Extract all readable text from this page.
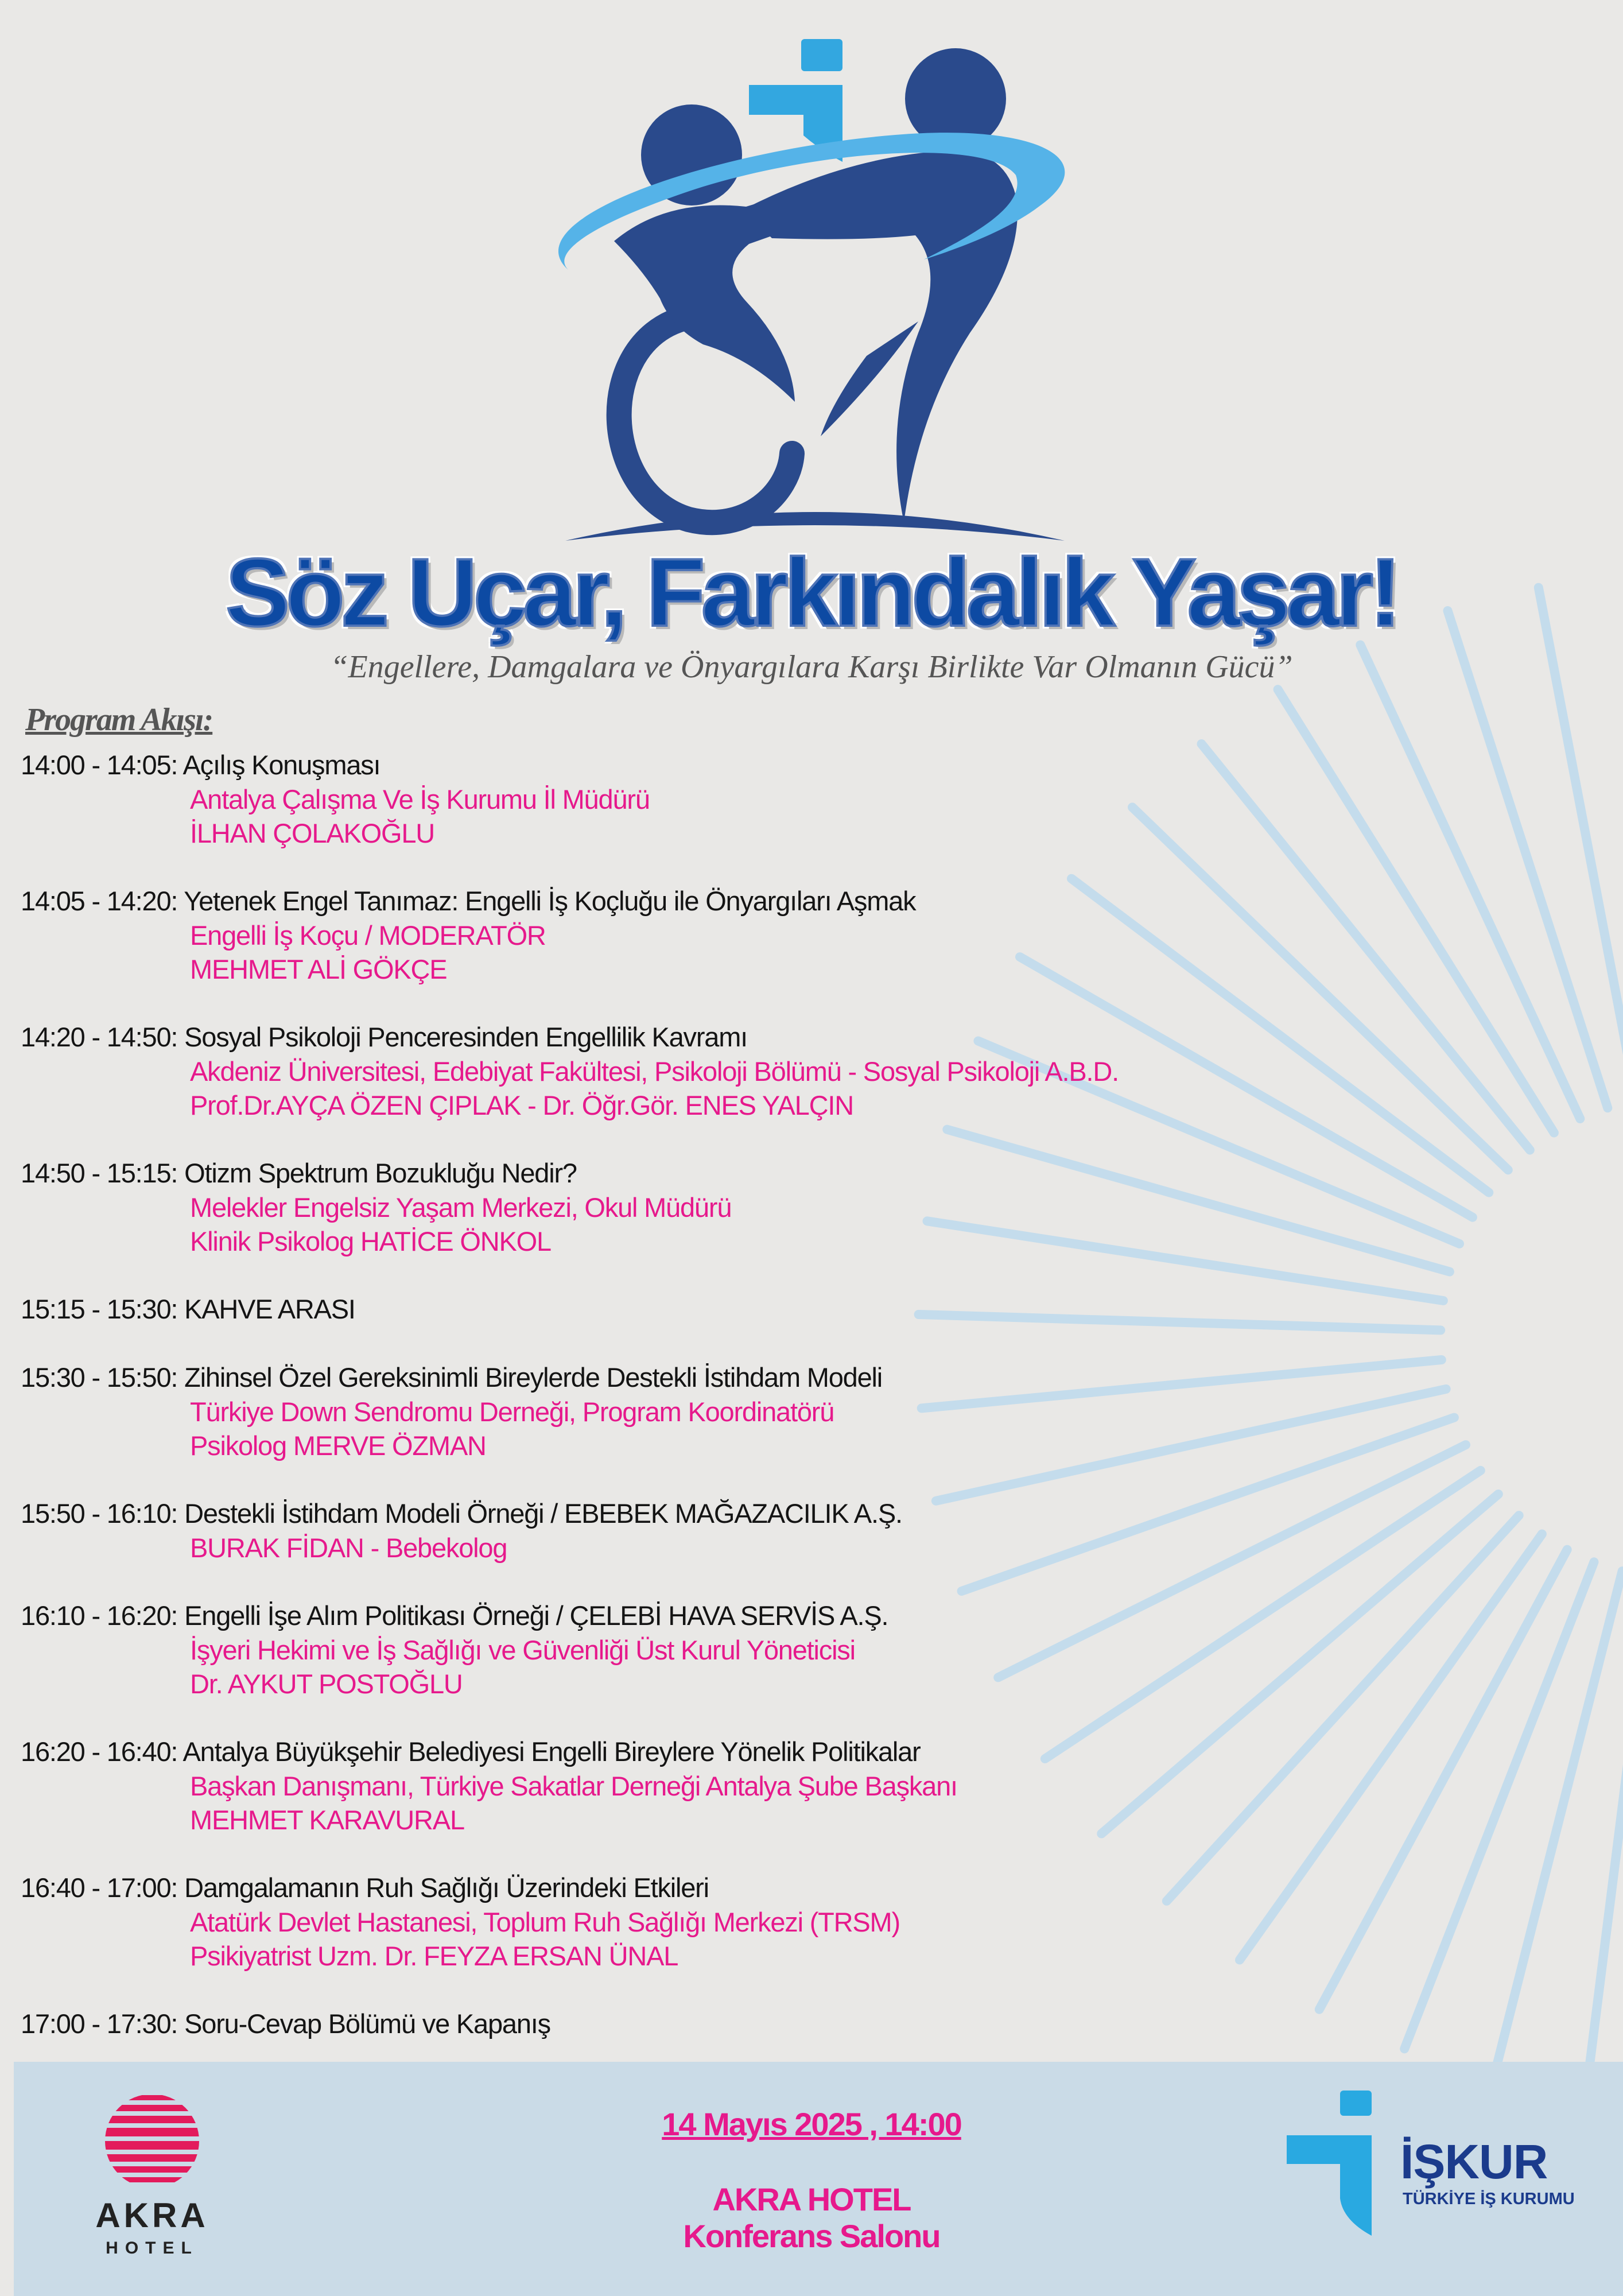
Söz Uçar, Farkındalık Yaşar!
“Engellere, Damgalara ve Önyargılara Karşı Birlikte Var Olmanın Gücü”
Program Akışı:
14:00 - 14:05: Açılış Konuşması
Antalya Çalışma Ve İş Kurumu İl Müdürü
İLHAN ÇOLAKOĞLU
14:05 - 14:20: Yetenek Engel Tanımaz: Engelli İş Koçluğu ile Önyargıları Aşmak
Engelli İş Koçu / MODERATÖR
MEHMET ALİ GÖKÇE
14:20 - 14:50: Sosyal Psikoloji Penceresinden Engellilik Kavramı
Akdeniz Üniversitesi, Edebiyat Fakültesi, Psikoloji Bölümü - Sosyal Psikoloji A.B.D.
Prof.Dr.AYÇA ÖZEN ÇIPLAK - Dr. Öğr.Gör. ENES YALÇIN
14:50 - 15:15: Otizm Spektrum Bozukluğu Nedir?
Melekler Engelsiz Yaşam Merkezi, Okul Müdürü
Klinik Psikolog HATİCE ÖNKOL
15:15 - 15:30: KAHVE ARASI
15:30 - 15:50: Zihinsel Özel Gereksinimli Bireylerde Destekli İstihdam Modeli
Türkiye Down Sendromu Derneği, Program Koordinatörü
Psikolog MERVE ÖZMAN
15:50 - 16:10: Destekli İstihdam Modeli Örneği / EBEBEK MAĞAZACILIK A.Ş.
BURAK FİDAN - Bebekolog
16:10 - 16:20: Engelli İşe Alım Politikası Örneği / ÇELEBİ HAVA SERVİS A.Ş.
İşyeri Hekimi ve İş Sağlığı ve Güvenliği Üst Kurul Yöneticisi
Dr. AYKUT POSTOĞLU
16:20 - 16:40: Antalya Büyükşehir Belediyesi Engelli Bireylere Yönelik Politikalar
Başkan Danışmanı, Türkiye Sakatlar Derneği Antalya Şube Başkanı
MEHMET KARAVURAL
16:40 - 17:00: Damgalamanın Ruh Sağlığı Üzerindeki Etkileri
Atatürk Devlet Hastanesi, Toplum Ruh Sağlığı Merkezi (TRSM)
Psikiyatrist Uzm. Dr. FEYZA ERSAN ÜNAL
17:00 - 17:30: Soru-Cevap Bölümü ve Kapanış
AKRA
HOTEL
14 Mayıs 2025 , 14:00
AKRA HOTEL
Konferans Salonu
İŞKUR
TÜRKİYE İŞ KURUMU
